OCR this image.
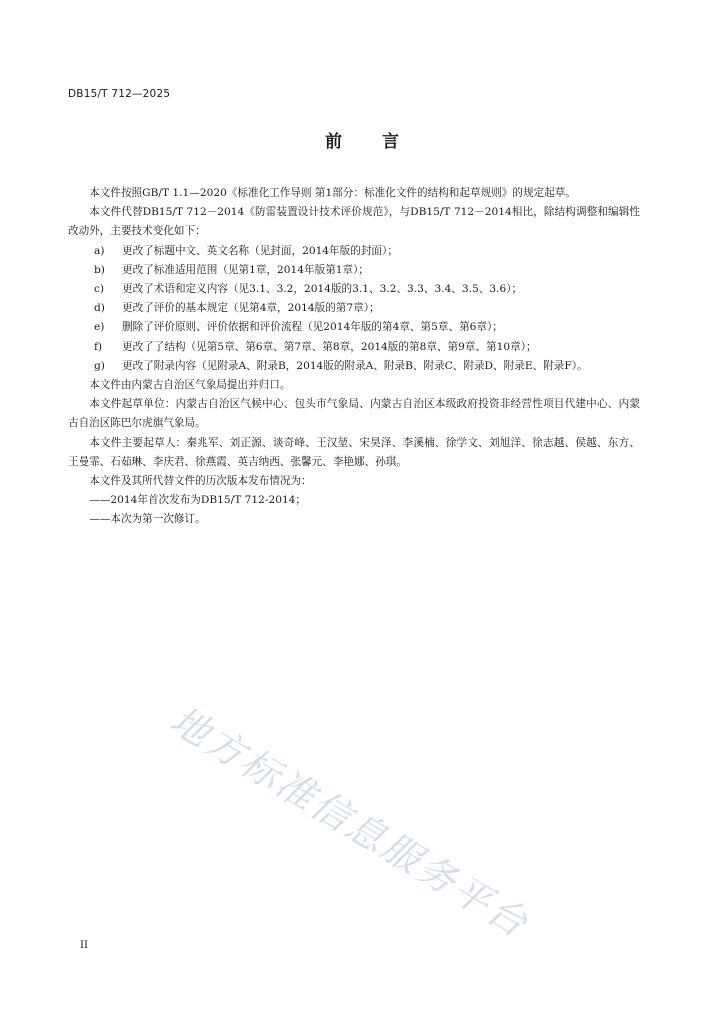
DB15/T 712—2025
前言

本文件按照GB/T 1.1—2020《标准化工作导则 第1部分：标准化文件的结构和起草规则》的规定起草。

本文件代替DB15/T 712－2014《防雷装置设计技术评价规范》，与DB15/T 712－2014相比，除结构调整和编辑性改动外，主要技术变化如下：

a)	更改了标题中文、英文名称（见封面，2014年版的封面）；
b)	更改了标准适用范围（见第1章，2014年版第1章）；
c)	更改了术语和定义内容（见3.1、3.2，2014版的3.1、3.2、3.3、3.4、3.5、3.6）；
d)	更改了评价的基本规定（见第4章，2014版的第7章）；
e)	删除了评价原则、评价依据和评价流程（见2014年版的第4章、第5章、第6章）；
f)	更改了了结构（见第5章、第6章、第7章、第8章，2014版的第8章、第9章、第10章）；
g)	更改了附录内容（见附录A、附录B，2014版的附录A、附录B、附录C、附录D、附录E、附录F）。

本文件由内蒙古自治区气象局提出并归口。

本文件起草单位：内蒙古自治区气候中心、包头市气象局、内蒙古自治区本级政府投资非经营性项目代建中心、内蒙古自治区陈巴尔虎旗气象局。

本文件主要起草人：秦兆军、刘正源、谈奇峰、王汉堃、宋昊泽、李溪楠、徐学文、刘旭洋、徐志越、侯越、东方、王曼霏、石茹琳、李庆君、徐燕霞、英吉纳西、张馨元、李艳娜、孙琪。

本文件及其所代替文件的历次版本发布情况为：

——2014年首次发布为DB15/T 712-2014；

——本次为第一次修订。

地方标准信息服务平台
II
